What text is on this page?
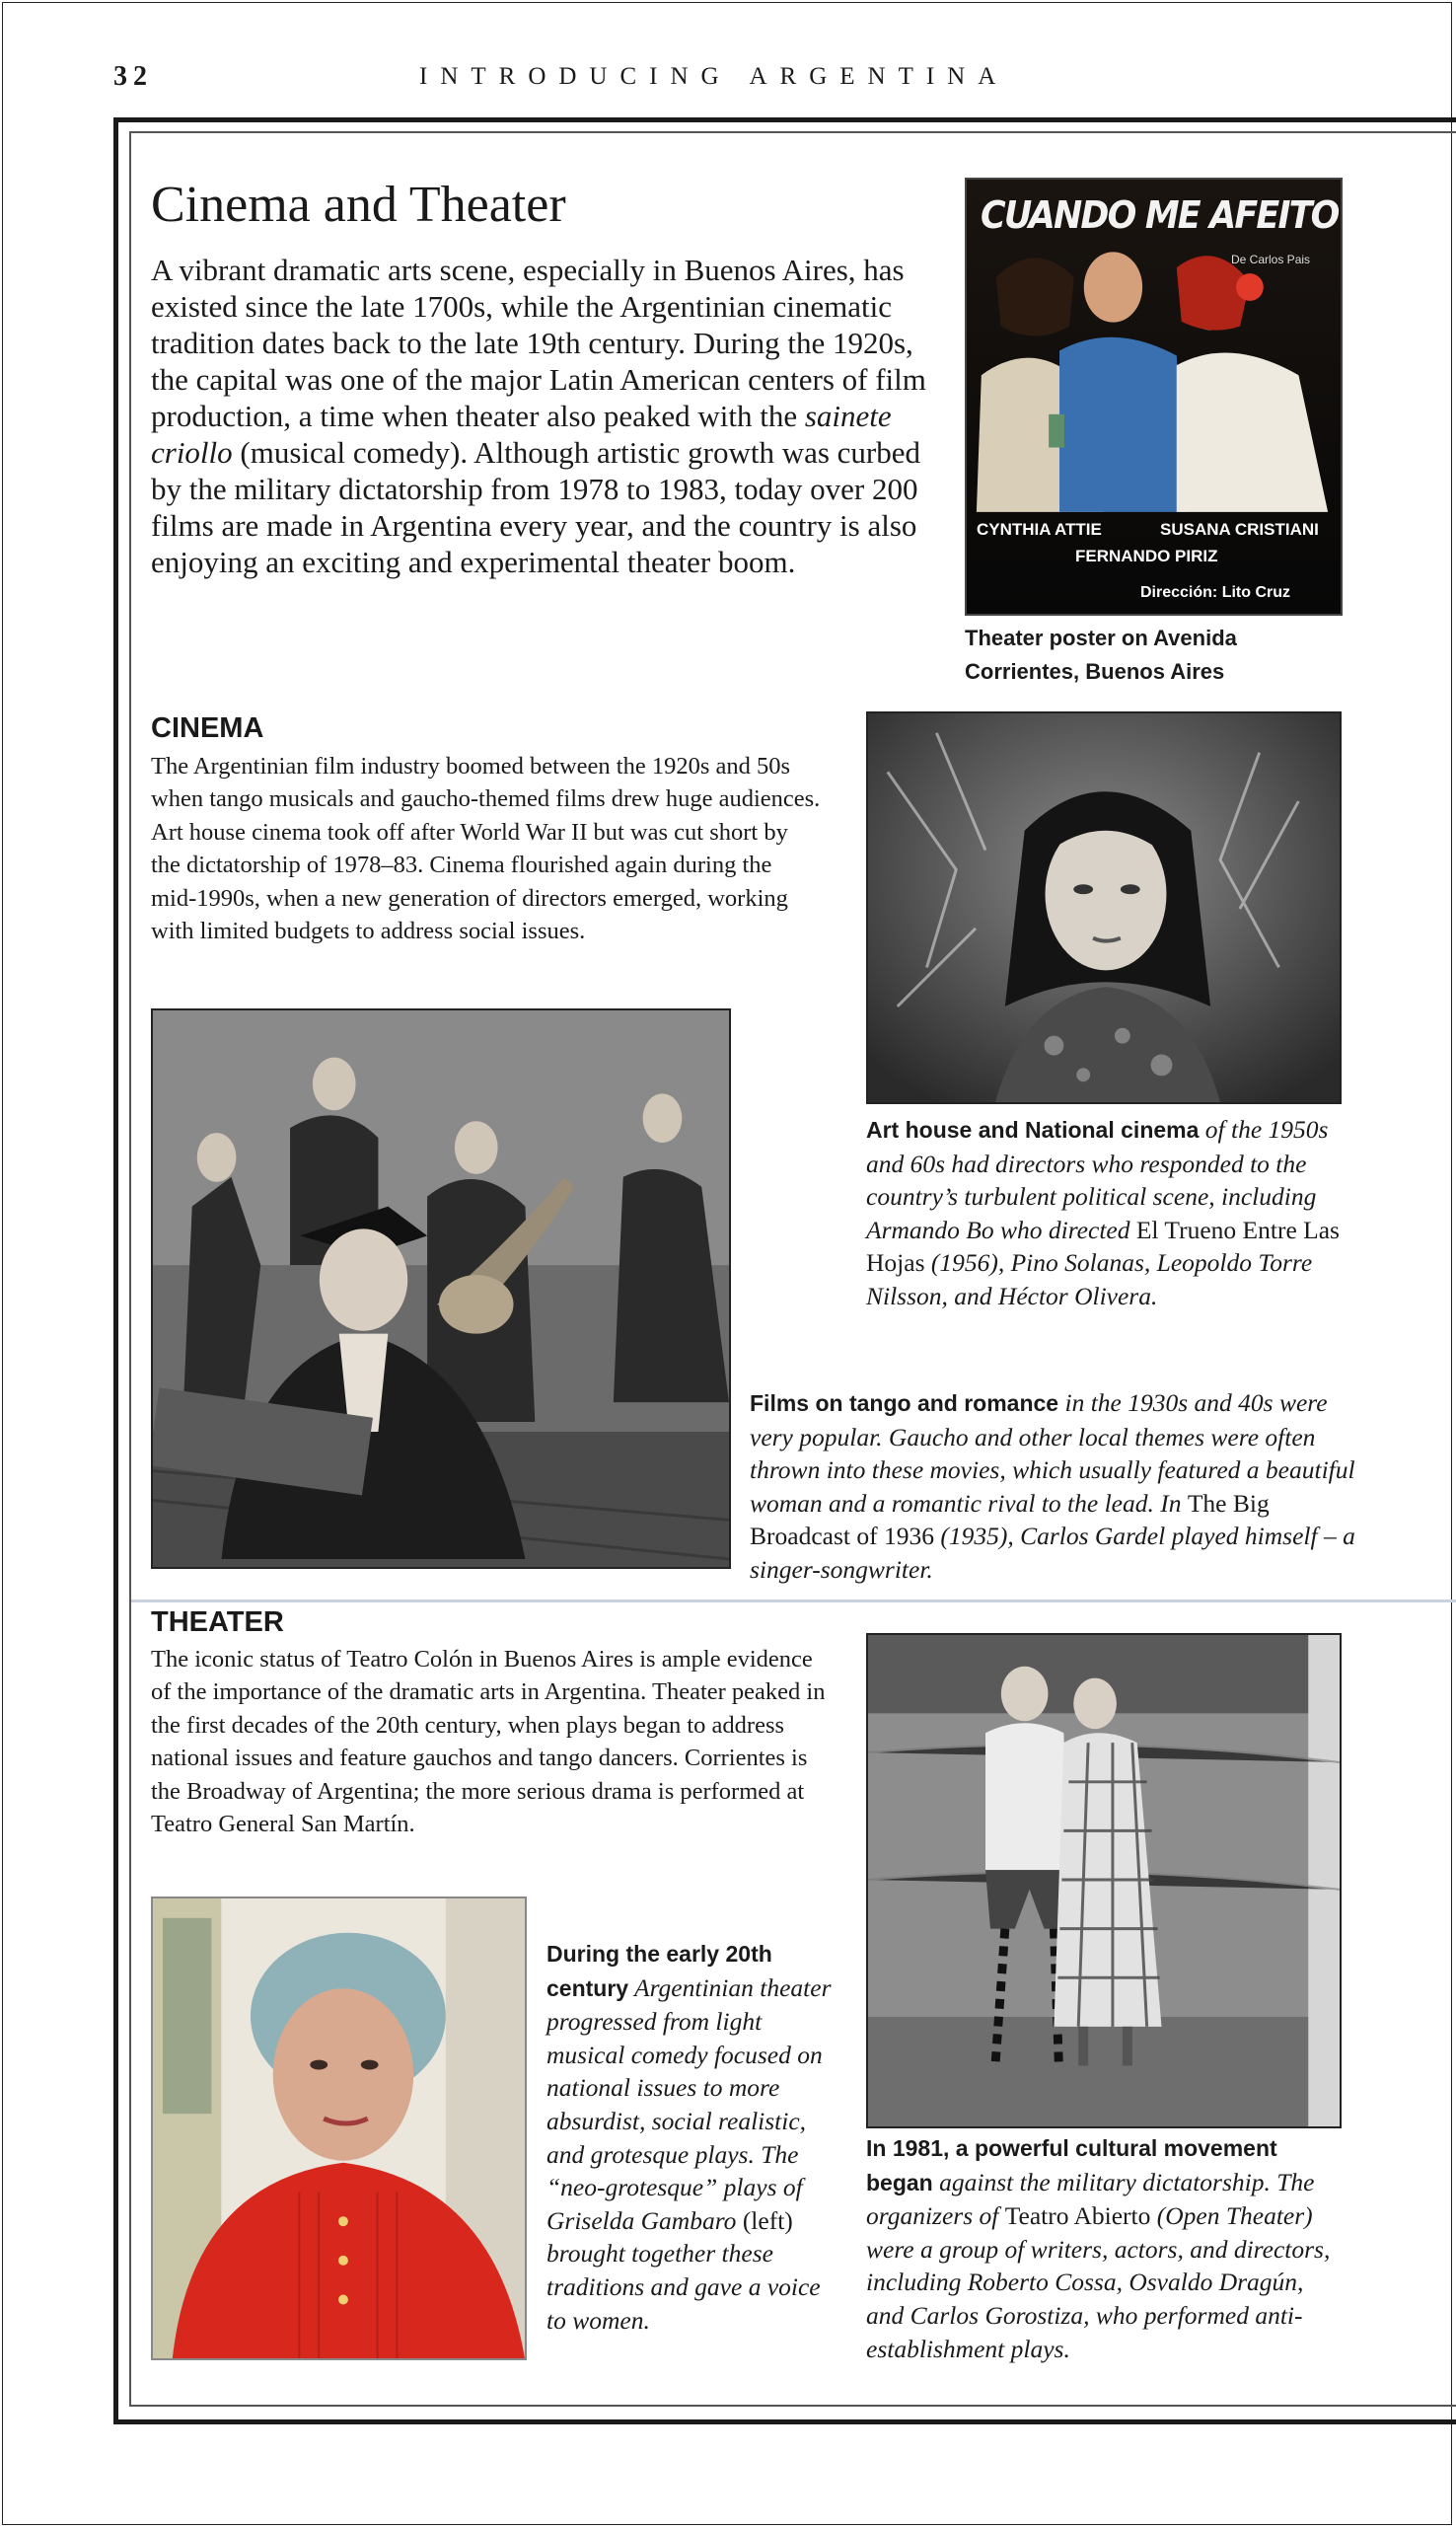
32	INTRODUCING ARGENTINA
Cinema and Theater
A vibrant dramatic arts scene, especially in Buenos Aires, has existed since the late 1700s, while the Argentinian cinematic tradition dates back to the late 19th century. During the 1920s, the capital was one of the major Latin American centers of film production, a time when theater also peaked with the sainete criollo (musical comedy). Although artistic growth was curbed by the military dictatorship from 1978 to 1983, today over 200 films are made in Argentina every year, and the country is also enjoying an exciting and experimental theater boom.
CUANDO ME AFEITO
De Carlos Pais
CYNTHIA ATTIE	SUSANA CRISTIANI
FERNANDO PIRIZ
Dirección: Lito Cruz
Theater poster on Avenida Corrientes, Buenos Aires
CINEMA
The Argentinian film industry boomed between the 1920s and 50s when tango musicals and gaucho-themed films drew huge audiences. Art house cinema took off after World War II but was cut short by the dictatorship of 1978–83. Cinema flourished again during the mid-1990s, when a new generation of directors emerged, working with limited budgets to address social issues.
Art house and National cinema of the 1950s and 60s had directors who responded to the country’s turbulent political scene, including Armando Bo who directed El Trueno Entre Las Hojas (1956), Pino Solanas, Leopoldo Torre Nilsson, and Héctor Olivera.
Films on tango and romance in the 1930s and 40s were very popular. Gaucho and other local themes were often thrown into these movies, which usually featured a beautiful woman and a romantic rival to the lead. In The Big Broadcast of 1936 (1935), Carlos Gardel played himself – a singer-songwriter.
THEATER
The iconic status of Teatro Colón in Buenos Aires is ample evidence of the importance of the dramatic arts in Argentina. Theater peaked in the first decades of the 20th century, when plays began to address national issues and feature gauchos and tango dancers. Corrientes is the Broadway of Argentina; the more serious drama is performed at Teatro General San Martín.
During the early 20th century Argentinian theater progressed from light musical comedy focused on national issues to more absurdist, social realistic, and grotesque plays. The “neo-grotesque” plays of Griselda Gambaro (left) brought together these traditions and gave a voice to women.
In 1981, a powerful cultural movement began against the military dictatorship. The organizers of Teatro Abierto (Open Theater) were a group of writers, actors, and directors, including Roberto Cossa, Osvaldo Dragún, and Carlos Gorostiza, who performed anti-establishment plays.
